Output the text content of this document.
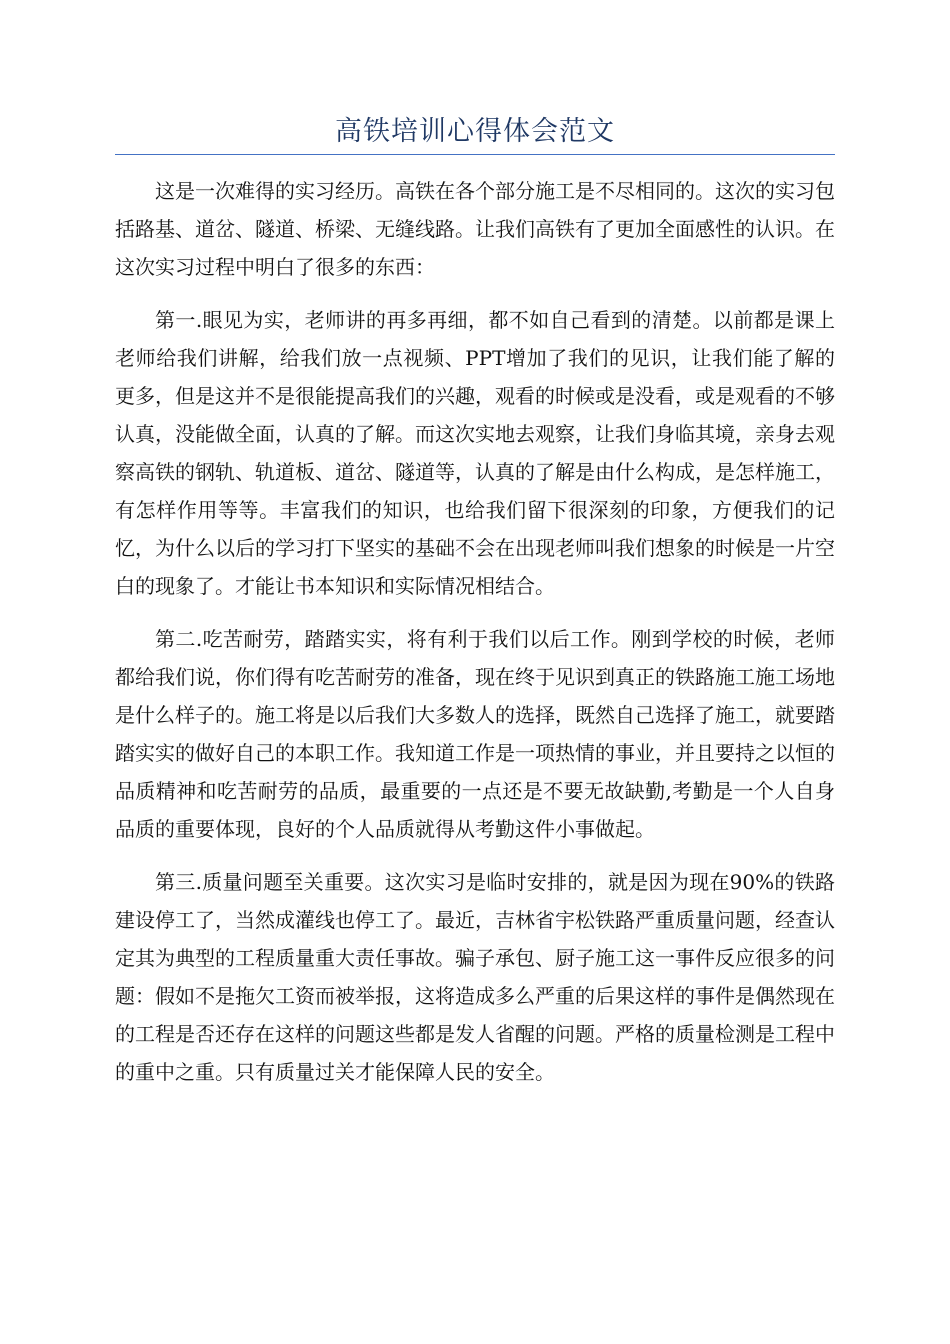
高铁培训心得体会范文

这是一次难得的实习经历。高铁在各个部分施工是不尽相同的。这次的实习包括路基、道岔、隧道、桥梁、无缝线路。让我们高铁有了更加全面感性的认识。在这次实习过程中明白了很多的东西：

第一.眼见为实，老师讲的再多再细，都不如自己看到的清楚。以前都是课上老师给我们讲解，给我们放一点视频、PPT增加了我们的见识，让我们能了解的更多，但是这并不是很能提高我们的兴趣，观看的时候或是没看，或是观看的不够认真，没能做全面，认真的了解。而这次实地去观察，让我们身临其境，亲身去观察高铁的钢轨、轨道板、道岔、隧道等，认真的了解是由什么构成，是怎样施工，有怎样作用等等。丰富我们的知识，也给我们留下很深刻的印象，方便我们的记忆，为什么以后的学习打下坚实的基础不会在出现老师叫我们想象的时候是一片空白的现象了。才能让书本知识和实际情况相结合。

第二.吃苦耐劳，踏踏实实，将有利于我们以后工作。刚到学校的时候，老师都给我们说，你们得有吃苦耐劳的准备，现在终于见识到真正的铁路施工施工场地是什么样子的。施工将是以后我们大多数人的选择，既然自己选择了施工，就要踏踏实实的做好自己的本职工作。我知道工作是一项热情的事业，并且要持之以恒的品质精神和吃苦耐劳的品质，最重要的一点还是不要无故缺勤,考勤是一个人自身品质的重要体现，良好的个人品质就得从考勤这件小事做起。

第三.质量问题至关重要。这次实习是临时安排的，就是因为现在90%的铁路建设停工了，当然成灌线也停工了。最近，吉林省宇松铁路严重质量问题，经查认定其为典型的工程质量重大责任事故。骗子承包、厨子施工这一事件反应很多的问题：假如不是拖欠工资而被举报，这将造成多么严重的后果这样的事件是偶然现在的工程是否还存在这样的问题这些都是发人省醒的问题。严格的质量检测是工程中的重中之重。只有质量过关才能保障人民的安全。
